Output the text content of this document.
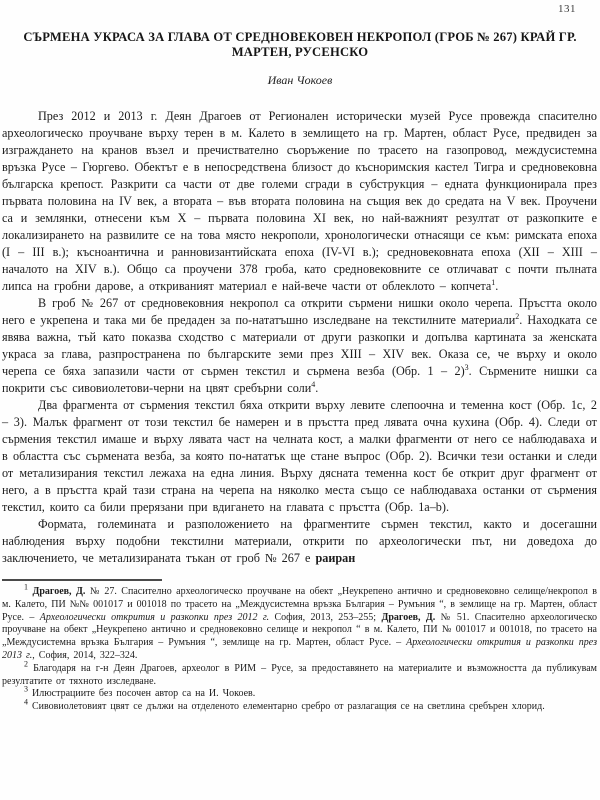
131
СЪРМЕНА УКРАСА ЗА ГЛАВА ОТ СРЕДНОВЕКОВЕН НЕКРОПОЛ (ГРОБ № 267) КРАЙ ГР. МАРТЕН, РУСЕНСКО
Иван Чокоев

През 2012 и 2013 г. Деян Драгоев от Регионален исторически музей Русе провежда спасително археологическо проучване върху терен в м. Калето в землището на гр. Мартен, област Русе, предвиден за изграждането на кранов възел и пречиствателно съоръжение по трасето на газопровод, междусистемна връзка Русе – Гюргево. Обектът е в непосредствена близост до късноримския кастел Тигра и средновековна българска крепост. Разкрити са части от две големи сгради в субструкция – едната функционирала през първата половина на IV век, а втората – във втората половина на същия век до средата на V век. Проучени са и землянки, отнесени към X – първата половина XI век, но най-важният резултат от разкопките е локализирането на развилите се на това място некрополи, хронологически отнасящи се към: римската епоха (I – III в.); късноантична и ранновизантийската епоха (IV-VI в.); средновековната епоха (XII – XIII – началото на XIV в.). Общо са проучени 378 гроба, като средновековните се отличават с почти пълната липса на гробни дарове, а откриваният материал е най-вече части от облеклото – копчета$^1$.

В гроб № 267 от средновековния некропол са открити сърмени нишки около черепа. Пръстта около него е укрепена и така ми бе предаден за по-нататъшно изследване на текстилните материали$^2$. Находката се явява важна, тъй като показва сходство с материали от други разкопки и допълва картината за женската украса за глава, разпространена по българските земи през XIII – XIV век. Оказа се, че върху и около черепа се бяха запазили части от сърмен текстил и сърмена везба (Обр. 1 – 2)$^3$. Сърмените нишки са покрити със сивовиолетови-черни на цвят сребърни соли$^4$.

Два фрагмента от сърмения текстил бяха открити върху левите слепоочна и теменна кост (Обр. 1с, 2 – 3). Малък фрагмент от този текстил бе намерен и в пръстта пред лявата очна кухина (Обр. 4). Следи от сърмения текстил имаше и върху лявата част на челната кост, а малки фрагменти от него се наблюдаваха и в областта със сърмената везба, за която по-нататък ще стане въпрос (Обр. 2). Всички тези останки и следи от метализирания текстил лежаха на една линия. Върху дясната теменна кост бе открит друг фрагмент от него, а в пръстта край тази страна на черепа на няколко места също се наблюдаваха останки от сърмения текстил, които са били прерязани при вдигането на главата с пръстта (Обр. 1a–b).

Формата, големината и разположението на фрагментите сърмен текстил, както и досегашни наблюдения върху подобни текстилни материали, открити по археологически път, ни доведоха до заключението, че метализираната тъкан от гроб № 267 е раиран

$^1$ Драгоев, Д. № 27. Спасително археологическо проучване на обект „Неукрепено антично и средновековно селище/некропол в м. Калето, ПИ №№ 001017 и 001018 по трасето на „Междусистемна връзка България – Румъния “, в землище на гр. Мартен, област Русе. – Археологически открития и разкопки през 2012 г. София, 2013, 253–255; Драгоев, Д. № 51. Спасително археологическо проучване на обект „Неукрепено антично и средновековно селище и некропол “ в м. Калето, ПИ № 001017 и 001018, по трасето на „Междусистемна връзка България – Румъния “, землище на гр. Мартен, област Русе. – Археологически открития и разкопки през 2013 г., София, 2014, 322–324.

$^2$ Благодаря на г-н Деян Драгоев, археолог в РИМ – Русе, за предоставянето на материалите и възможността да публикувам резултатите от тяхното изследване.

$^3$ Илюстрациите без посочен автор са на И. Чокоев.

$^4$ Сивовиолетовият цвят се дължи на отделеното елементарно сребро от разлагащия се на светлина сребърен хлорид.
